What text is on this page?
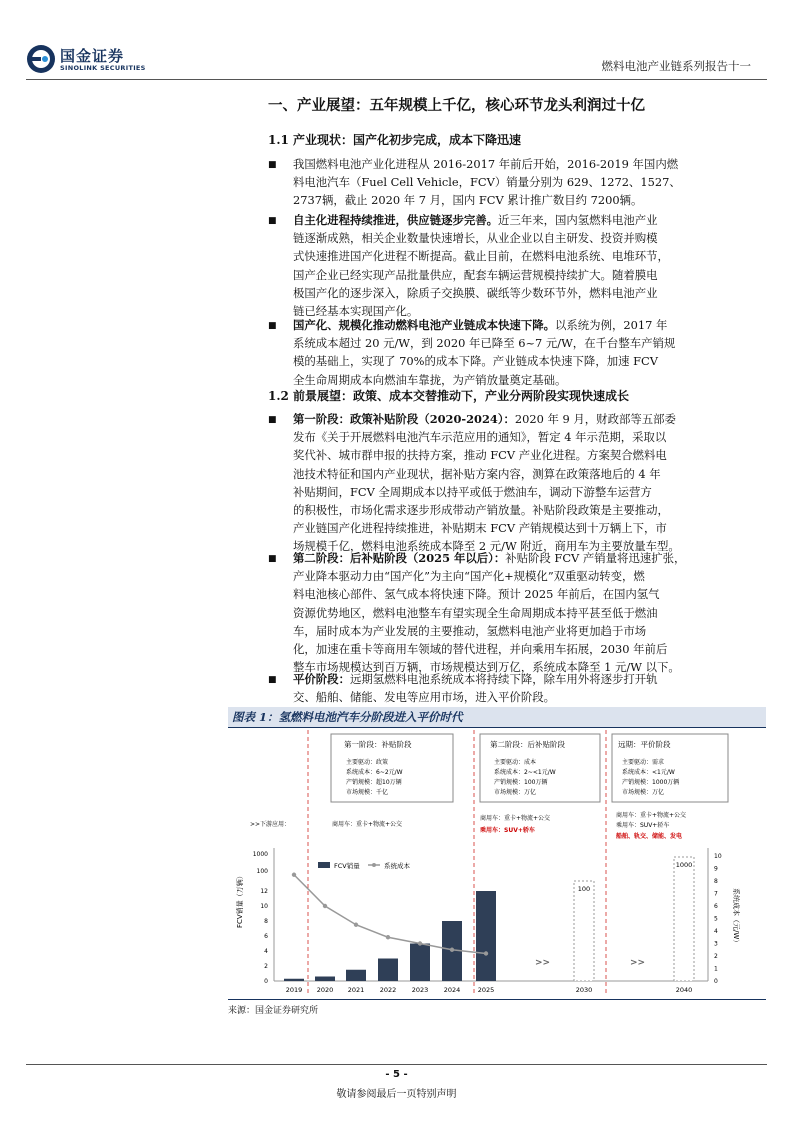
国金证券
SINOLINK SECURITIES	燃料电池产业链系列报告十一
一、产业展望：五年规模上千亿，核心环节龙头利润过十亿
1.1 产业现状：国产化初步完成，成本下降迅速
■	我国燃料电池产业化进程从 2016-2017 年前后开始，2016-2019 年国内燃
料电池汽车（Fuel Cell Vehicle，FCV）销量分别为 629、1272、1527、
2737辆，截止 2020 年 7 月，国内 FCV 累计推广数目约 7200辆。
■	自主化进程持续推进，供应链逐步完善。近三年来，国内氢燃料电池产业
链逐渐成熟，相关企业数量快速增长，从业企业以自主研发、投资并购模
式快速推进国产化进程不断提高。截止目前，在燃料电池系统、电堆环节，
国产企业已经实现产品批量供应，配套车辆运营规模持续扩大。随着膜电
极国产化的逐步深入，除质子交换膜、碳纸等少数环节外，燃料电池产业
链已经基本实现国产化。
■	国产化、规模化推动燃料电池产业链成本快速下降。以系统为例，2017 年
系统成本超过 20 元/W，到 2020 年已降至 6~7 元/W，在千台整车产销规
模的基础上，实现了 70%的成本下降。产业链成本快速下降，加速 FCV
全生命周期成本向燃油车靠拢，为产销放量奠定基础。
1.2 前景展望：政策、成本交替推动下，产业分两阶段实现快速成长
■	第一阶段：政策补贴阶段（2020-2024）：2020 年 9 月，财政部等五部委
发布《关于开展燃料电池汽车示范应用的通知》，暂定 4 年示范期，采取以
奖代补、城市群申报的扶持方案，推动 FCV 产业化进程。方案契合燃料电
池技术特征和国内产业现状，据补贴方案内容，测算在政策落地后的 4 年
补贴期间，FCV 全周期成本以持平或低于燃油车，调动下游整车运营方
的积极性，市场化需求逐步形成带动产销放量。补贴阶段政策是主要推动，
产业链国产化进程持续推进，补贴期末 FCV 产销规模达到十万辆上下，市
场规模千亿，燃料电池系统成本降至 2 元/W 附近，商用车为主要放量车型。
■	第二阶段：后补贴阶段（2025 年以后）：补贴阶段 FCV 产销量将迅速扩张，
产业降本驱动力由“国产化”为主向“国产化+规模化”双重驱动转变，燃
料电池核心部件、氢气成本将快速下降。预计 2025 年前后，在国内氢气
资源优势地区，燃料电池整车有望实现全生命周期成本持平甚至低于燃油
车，届时成本为产业发展的主要推动，氢燃料电池产业将更加趋于市场
化，加速在重卡等商用车领域的替代进程，并向乘用车拓展，2030 年前后
整车市场规模达到百万辆，市场规模达到万亿，系统成本降至 1 元/W 以下。
■	平价阶段：远期氢燃料电池系统成本将持续下降，除车用外将逐步打开轨
交、船舶、储能、发电等应用市场，进入平价阶段。
图表 1：氢燃料电池汽车分阶段进入平价时代
第一阶段：补贴阶段
主要驱动：政策
系统成本：6~2元/W
产销规模：超10万辆
市场规模：千亿
第二阶段：后补贴阶段
主要驱动：成本
系统成本：2~<1元/W
产销规模：100万辆
市场规模：万亿
远期：平价阶段
主要驱动：需求
系统成本：<1元/W
产销规模：1000万辆
市场规模：万亿
>>下游应用：	商用车：重卡+物流+公交
商用车：重卡+物流+公交
乘用车：SUV+轿车
商用车：重卡+物流+公交
乘用车：SUV+轿车
船舶、轨交、储能、发电
FCV销量（万辆）	系统成本（元/W）
0
2
4
6
8
10
12
100
1000
0
1
2
3
4
5
6
7
8
9
10
2019 2020 2021 2022 2023 2024	2025	2030	2040
100
1000
FCV销量	系统成本
>>	>>
来源：国金证券研究所
- 5 -
敬请参阅最后一页特别声明
